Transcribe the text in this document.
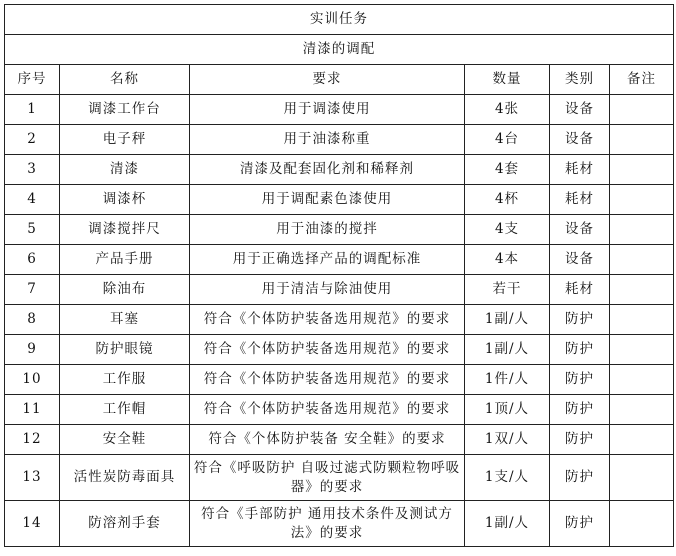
实训任务					
清漆的调配					
序号	名称	要求	数量	类别	备注
1	调漆工作台	用于调漆使用	4张	设备	
2	电子秤	用于油漆称重	4台	设备	
3	清漆	清漆及配套固化剂和稀释剂	4套	耗材	
4	调漆杯	用于调配素色漆使用	4杯	耗材	
5	调漆搅拌尺	用于油漆的搅拌	4支	设备	
6	产品手册	用于正确选择产品的调配标准	4本	设备	
7	除油布	用于清洁与除油使用	若干	耗材	
8	耳塞	符合《个体防护装备选用规范》的要求	1副/人	防护	
9	防护眼镜	符合《个体防护装备选用规范》的要求	1副/人	防护	
10	工作服	符合《个体防护装备选用规范》的要求	1件/人	防护	
11	工作帽	符合《个体防护装备选用规范》的要求	1顶/人	防护	
12	安全鞋	符合《个体防护装备 安全鞋》的要求	1双/人	防护	
13	活性炭防毒面具	符合《呼吸防护 自吸过滤式防颗粒物呼吸器》的要求	1支/人	防护	
14	防溶剂手套	符合《手部防护 通用技术条件及测试方法》的要求	1副/人	防护	
